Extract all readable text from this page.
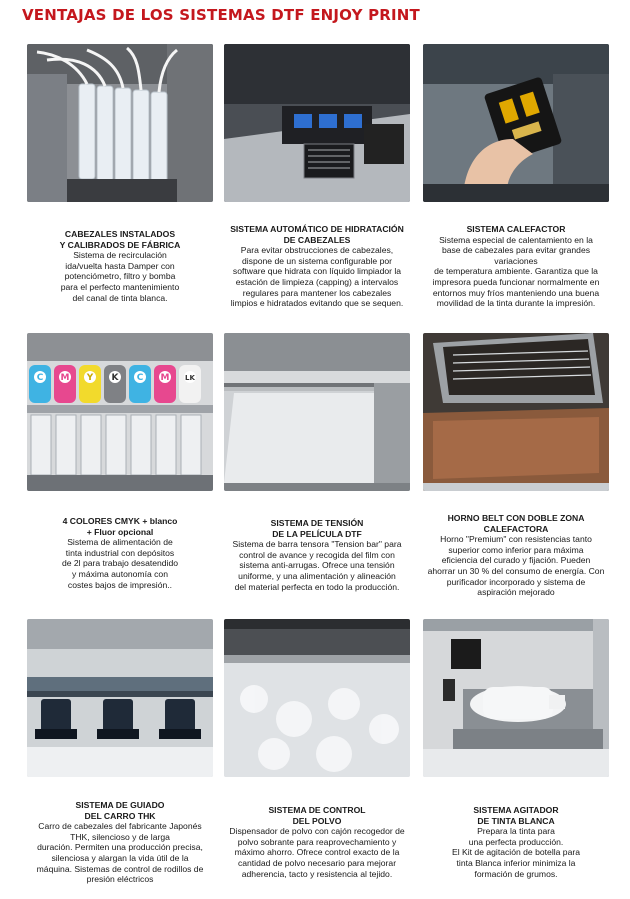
VENTAJAS DE LOS SISTEMAS DTF ENJOY PRINT
CABEZALES INSTALADOS
Y CALIBRADOS DE FÁBRICA
Sistema de recirculación
ida/vuelta hasta Damper con
potenciómetro, filtro y bomba
para el perfecto mantenimiento
del canal de tinta blanca.
SISTEMA AUTOMÁTICO DE HIDRATACIÓN
DE CABEZALES
Para evitar obstrucciones de cabezales,
dispone de un sistema configurable por
software que hidrata con líquido limpiador la
estación de limpieza (capping) a intervalos
regulares para mantener los cabezales
limpios e hidratados evitando que se sequen.
SISTEMA CALEFACTOR
Sistema especial de calentamiento en la
base de cabezales para evitar grandes
variaciones
de temperatura ambiente. Garantiza que la
impresora pueda funcionar normalmente en
entornos muy fríos manteniendo una buena
movilidad de la tinta durante la impresión.
C M Y K C M LK
4 COLORES CMYK + blanco
+ Fluor opcional
Sistema de alimentación de
tinta industrial con depósitos
de 2l para trabajo desatendido
y máxima autonomía con
costes bajos de impresión..
SISTEMA DE TENSIÓN
DE LA PELÍCULA DTF
Sistema de barra tensora "Tension bar" para
control de avance y recogida del film con
sistema anti-arrugas. Ofrece una tensión
uniforme, y una alimentación y alineación
del material perfecta en todo la producción.
HORNO BELT CON DOBLE ZONA
CALEFACTORA
Horno "Premium" con resistencias tanto
superior como inferior para máxima
eficiencia del curado y fijación. Pueden
ahorrar un 30 % del consumo de energía. Con
purificador incorporado y sistema de
aspiración mejorado
SISTEMA DE GUIADO
DEL CARRO THK
Carro de cabezales del fabricante Japonés
THK, silencioso y de larga
duración. Permiten una producción precisa,
silenciosa y alargan la vida útil de la
máquina. Sistemas de control de rodillos de
presión eléctricos
SISTEMA DE CONTROL
DEL POLVO
Dispensador de polvo con cajón recogedor de
polvo sobrante para reaprovechamiento y
máximo ahorro. Ofrece control exacto de la
cantidad de polvo necesario para mejorar
adherencia, tacto y resistencia al tejido.
SISTEMA AGITADOR
DE TINTA BLANCA
Prepara la tinta para
una perfecta producción.
El Kit de agitación de botella para
tinta Blanca inferior minimiza la
formación de grumos.
